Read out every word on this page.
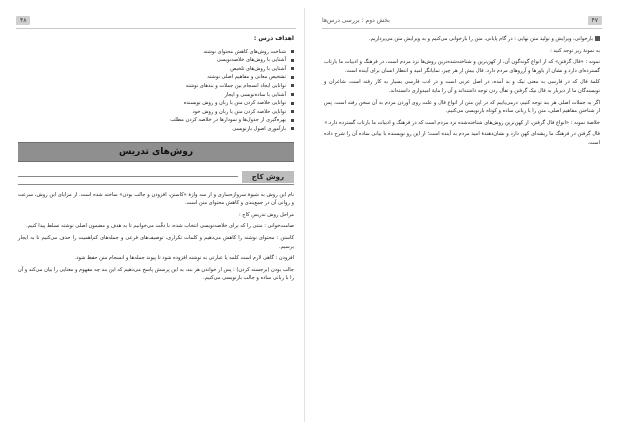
۴۸
اهداف درس :
شناخت روش‌های کاهش محتوای نوشته
آشنایی با روش‌های خلاصه‌نویسی
آشنایی با روش‌های تلخیص
تشخیص معانی و مفاهیم اصلی نوشته
توانایی ایجاد انسجام بین جملات و بندهای نوشته
آشنایی با ساده‌نویسی و ایجاز
توانایی خلاصه کردن متن با زبان و روش نویسنده
توانایی خلاصه کردن متن با زبان و روش خود
بهره‌گیری از جدول‌ها و نمودارها در خلاصه کردن مطلب
بازآموزی اصول بازنویسی
روش‌های تدریس
روش کاج

نام این روش به شیوهٔ سرواژه‌سازی و از سه واژهٔ «کاستن، افزودن و جالب بودن» ساخته شده است. از مزایای این روش، سرعت و روانی آن در جمع‌بندی و کاهش محتوای متن است.

مراحل روش تدریس کاج :

صامت‌خوانی : متنی را که برای خلاصه‌نویسی انتخاب شده، با دقّت می‌خوانیم تا به هدف و مضمون اصلی نوشته تسلط پیدا کنیم.

کاستن : محتوای نوشته را کاهش می‌دهیم و کلمات تکراری، توصیف‌های فرعی و جمله‌های کم‌اهمیت را حذف می‌کنیم تا به ایجاز برسیم.

افزودن : گاهی لازم است کلمه یا عبارتی به نوشته افزوده شود تا پیوند جمله‌ها و انسجام متن حفظ شود.

جالب بودن (برجسته کردن) : پس از خواندن هر بند، به این پرسش پاسخ می‌دهیم که این بند چه مفهوم و معنایی را بیان می‌کند و آن را با زبانی ساده و جالب بازنویسی می‌کنیم.

بخش دوم : بررسی درس‌ها	۴۷

بازخوانی، ویرایش و تولید متن نهایی : در گام پایانی، متن را بازخوانی می‌کنیم و به ویرایش متن می‌پردازیم.

به نمونهٔ زیر توجه کنید :

نمونه : «فال گرفتن» که از انواع گونه‌گون آن، از کهن‌ترین و شناخته‌شده‌ترین روش‌ها نزد مردم است، در فرهنگ و ادبیات ما بازتاب گسترده‌ای دارد و نشان از باورها و آرزوهای مردم دارد. فال بیش از هر چیز، نمایانگر امید و انتظار انسان برای آینده است.

کلمهٔ فال که در فارسی به معنی نیک و بد آمده، در اصل عربی است و در ادب فارسی بسیار به کار رفته است. شاعران و نویسندگان ما از دیرباز به فال نیک گرفتن و تفأل زدن توجه داشته‌اند و آن را مایهٔ امیدواری دانسته‌اند.

اگر به جملات اصلی هر بند توجه کنیم، درمی‌یابیم که در این متن از انواع فال و علت روی آوردن مردم به آن سخن رفته است. پس از شناختن مفاهیم اصلی، متن را با زبانی ساده و کوتاه بازنویسی می‌کنیم.

خلاصهٔ نمونه : «انواع فال گرفتن، از کهن‌ترین روش‌های شناخته‌شده نزد مردم است که در فرهنگ و ادبیات ما بازتاب گسترده دارد.»

فال گرفتن در فرهنگ ما ریشه‌ای کهن دارد و نشان‌دهندهٔ امید مردم به آینده است؛ از این رو نویسنده با بیانی ساده آن را شرح داده است.
